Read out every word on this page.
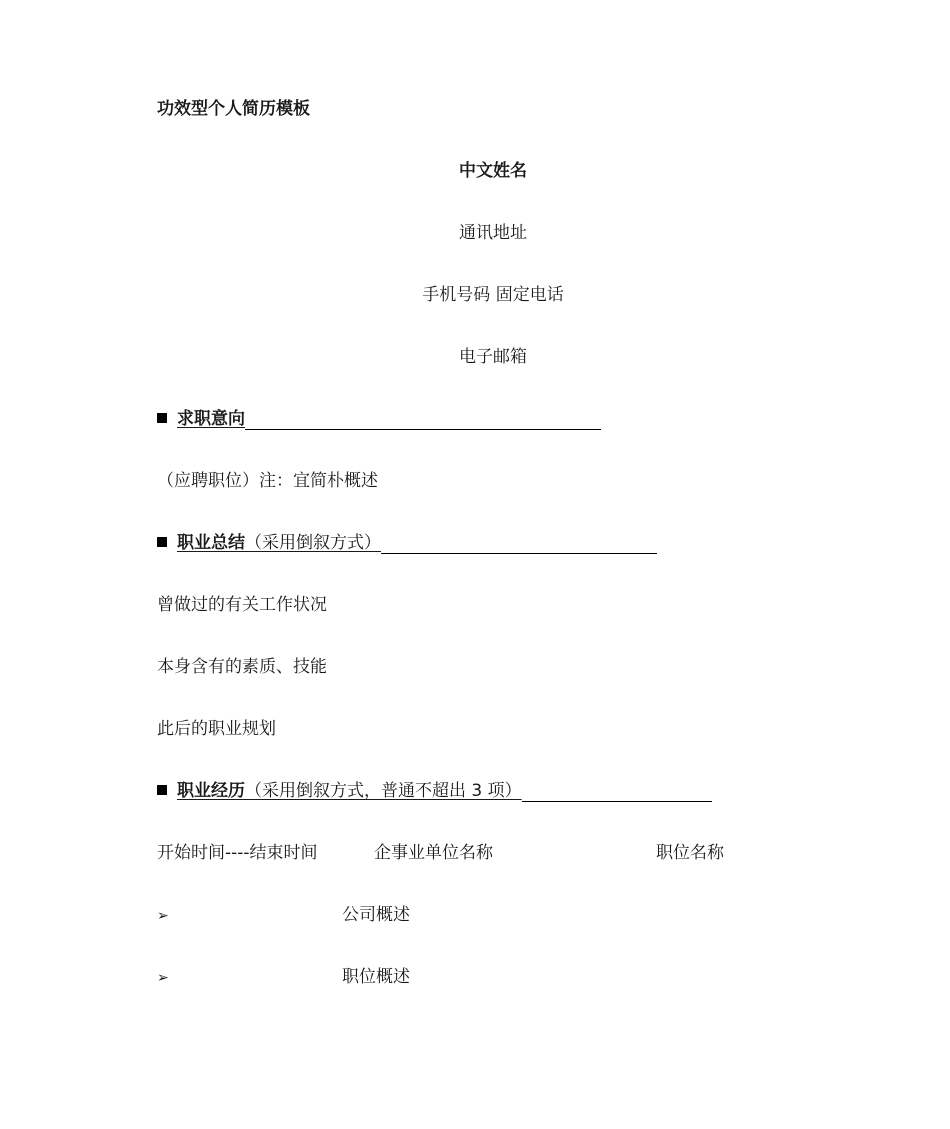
功效型个人简历模板

中文姓名

通讯地址

手机号码 固定电话

电子邮箱

求职意向

（应聘职位）注：宜简朴概述

职业总结（采用倒叙方式）

曾做过的有关工作状况

本身含有的素质、技能

此后的职业规划

职业经历（采用倒叙方式，普通不超出 3 项）

开始时间----结束时间	企事业单位名称	职位名称

➢	公司概述

➢	职位概述
